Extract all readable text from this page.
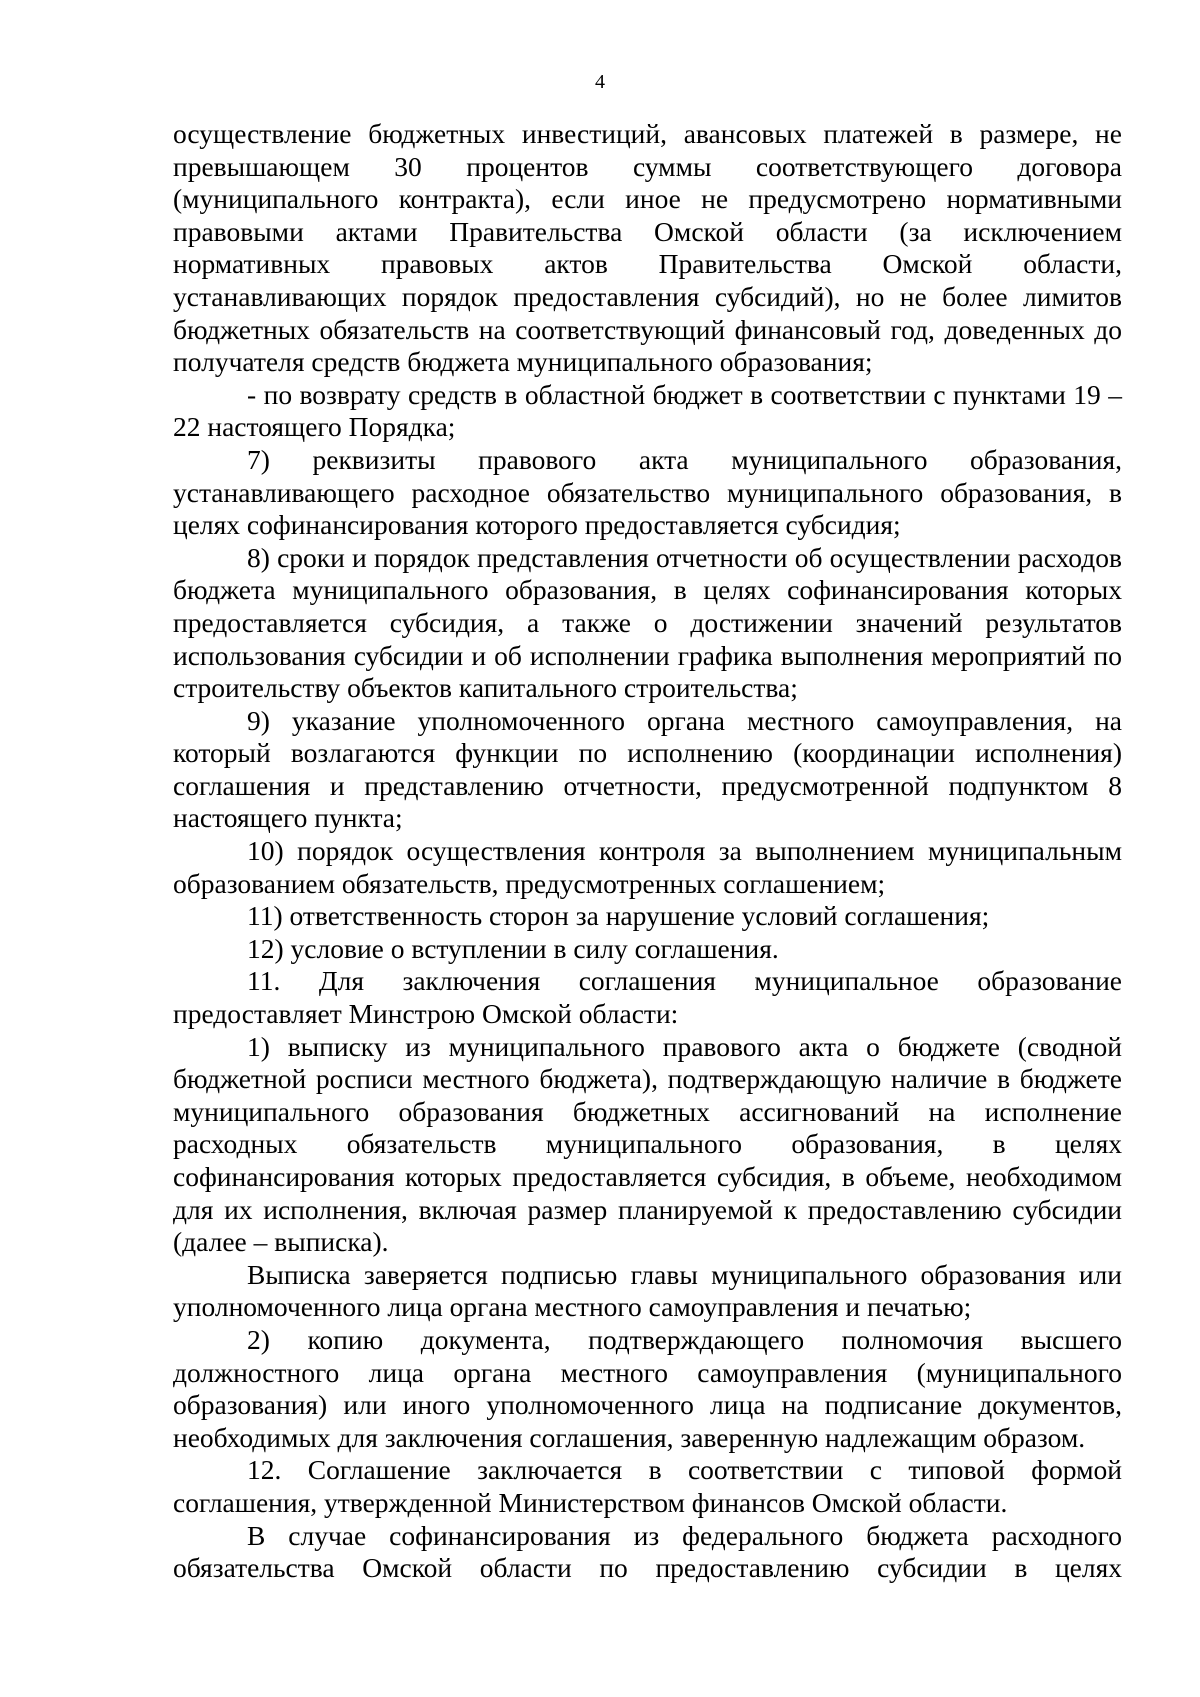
4

осуществление бюджетных инвестиций, авансовых платежей в размере, не превышающем 30 процентов суммы соответствующего договора (муниципального контракта), если иное не предусмотрено нормативными правовыми актами Правительства Омской области (за исключением нормативных правовых актов Правительства Омской области, устанавливающих порядок предоставления субсидий), но не более лимитов бюджетных обязательств на соответствующий финансовый год, доведенных до получателя средств бюджета муниципального образования;

- по возврату средств в областной бюджет в соответствии с пунктами 19 – 22 настоящего Порядка;

7) реквизиты правового акта муниципального образования, устанавливающего расходное обязательство муниципального образования, в целях софинансирования которого предоставляется субсидия;

8) сроки и порядок представления отчетности об осуществлении расходов бюджета муниципального образования, в целях софинансирования которых предоставляется субсидия, а также о достижении значений результатов использования субсидии и об исполнении графика выполнения мероприятий по строительству объектов капитального строительства;

9) указание уполномоченного органа местного самоуправления, на который возлагаются функции по исполнению (координации исполнения) соглашения и представлению отчетности, предусмотренной подпунктом 8 настоящего пункта;

10) порядок осуществления контроля за выполнением муниципальным образованием обязательств, предусмотренных соглашением;

11) ответственность сторон за нарушение условий соглашения;

12) условие о вступлении в силу соглашения.

11. Для заключения соглашения муниципальное образование предоставляет Минстрою Омской области:

1) выписку из муниципального правового акта о бюджете (сводной бюджетной росписи местного бюджета), подтверждающую наличие в бюджете муниципального образования бюджетных ассигнований на исполнение расходных обязательств муниципального образования, в целях софинансирования которых предоставляется субсидия, в объеме, необходимом для их исполнения, включая размер планируемой к предоставлению субсидии (далее – выписка).

Выписка заверяется подписью главы муниципального образования или уполномоченного лица органа местного самоуправления и печатью;

2) копию документа, подтверждающего полномочия высшего должностного лица органа местного самоуправления (муниципального образования) или иного уполномоченного лица на подписание документов, необходимых для заключения соглашения, заверенную надлежащим образом.

12. Соглашение заключается в соответствии с типовой формой соглашения, утвержденной Министерством финансов Омской области.

В случае софинансирования из федерального бюджета расходного обязательства Омской области по предоставлению субсидии в целях
